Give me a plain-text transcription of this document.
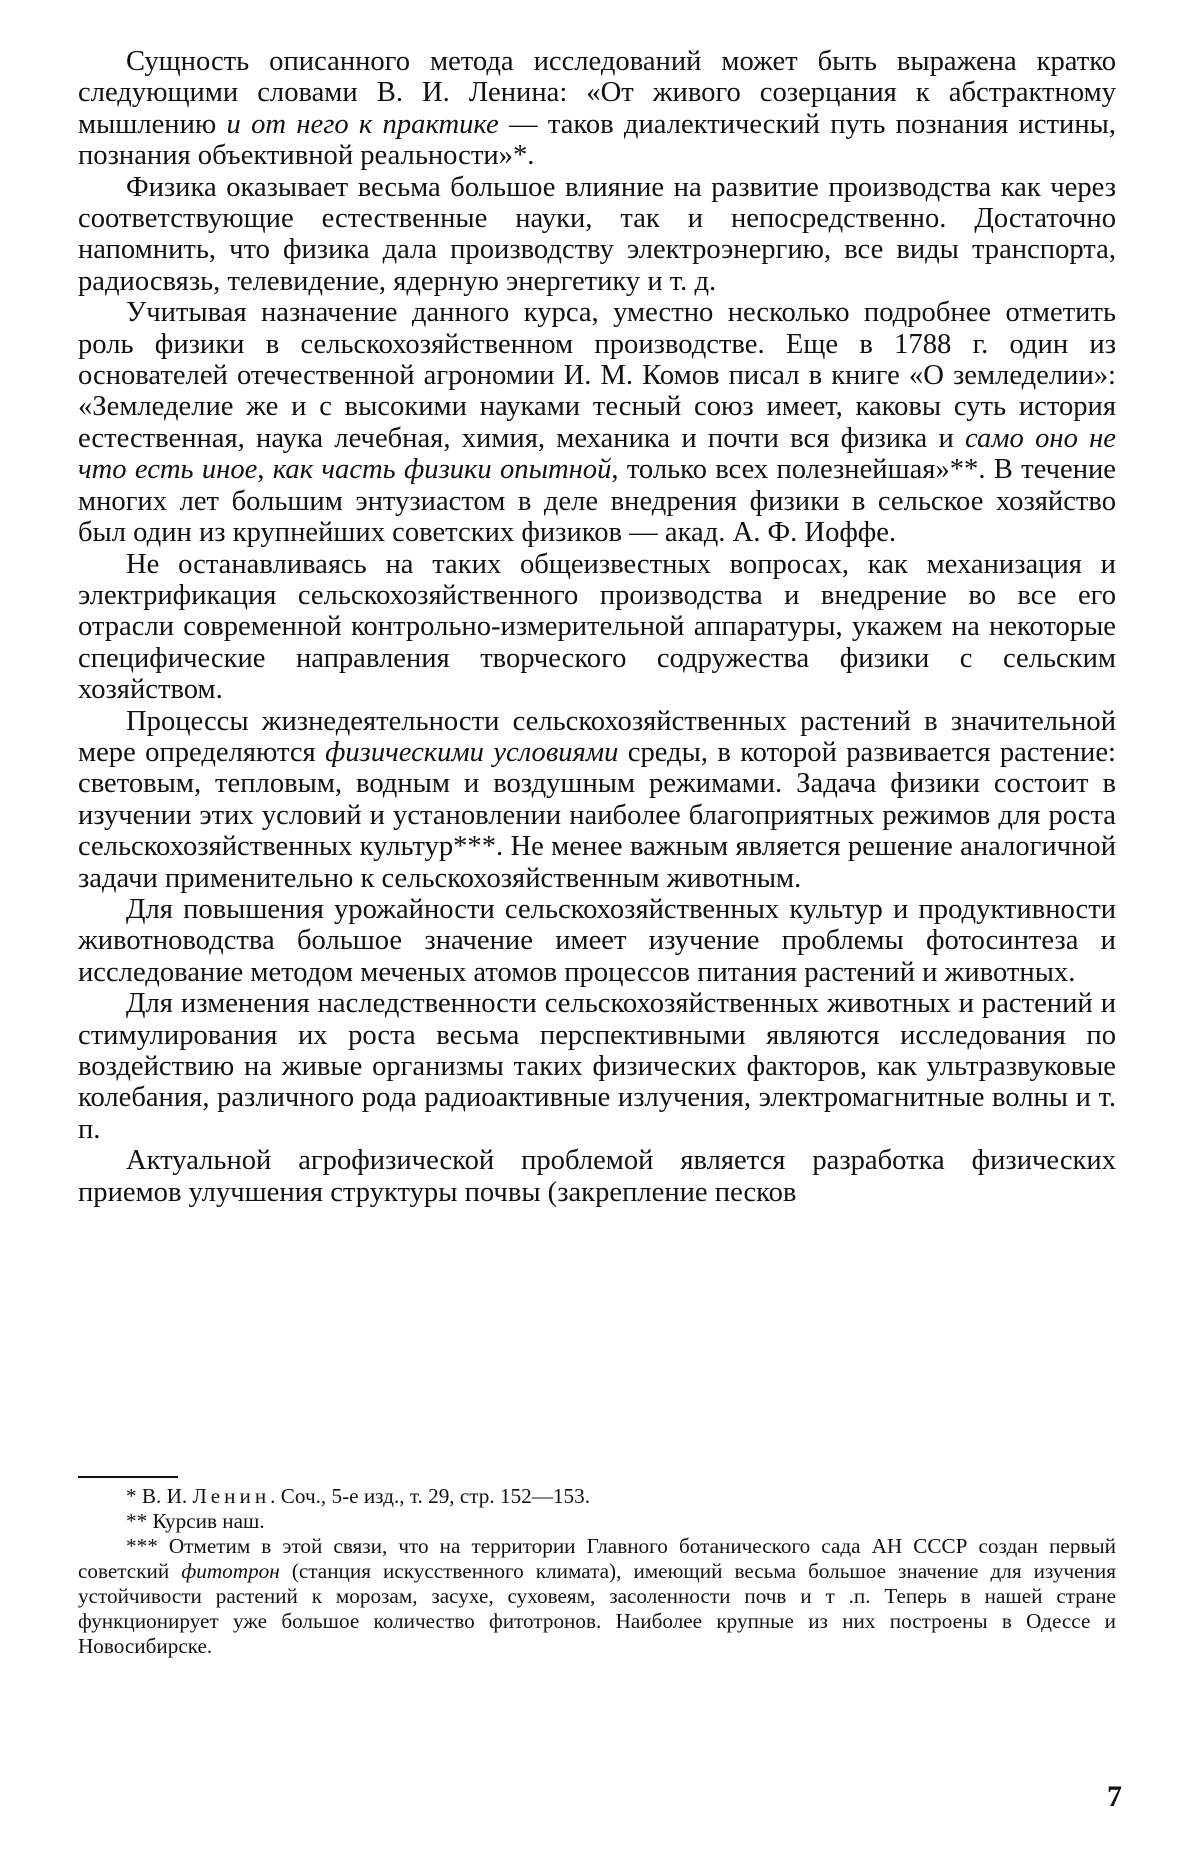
Сущность описанного метода исследований может быть выражена кратко следующими словами В. И. Ленина: «От живого созерцания к абстрактному мышлению и от него к практике — таков диалектический путь познания истины, познания объективной реальности»*.

Физика оказывает весьма большое влияние на развитие производства как через соответствующие естественные науки, так и непосредственно. Достаточно напомнить, что физика дала производству электроэнергию, все виды транспорта, радиосвязь, телевидение, ядерную энергетику и т. д.

Учитывая назначение данного курса, уместно несколько подробнее отметить роль физики в сельскохозяйственном производстве. Еще в 1788 г. один из основателей отечественной агрономии И. М. Комов писал в книге «О земледелии»: «Земледелие же и с высокими науками тесный союз имеет, каковы суть история естественная, наука лечебная, химия, механика и почти вся физика и само оно не что есть иное, как часть физики опытной, только всех полезнейшая»**. В течение многих лет большим энтузиастом в деле внедрения физики в сельское хозяйство был один из крупнейших советских физиков — акад. А. Ф. Иоффе.

Не останавливаясь на таких общеизвестных вопросах, как механизация и электрификация сельскохозяйственного производства и внедрение во все его отрасли современной контрольно-измерительной аппаратуры, укажем на некоторые специфические направления творческого содружества физики с сельским хозяйством.

Процессы жизнедеятельности сельскохозяйственных растений в значительной мере определяются физическими условиями среды, в которой развивается растение: световым, тепловым, водным и воздушным режимами. Задача физики состоит в изучении этих условий и установлении наиболее благоприятных режимов для роста сельскохозяйственных культур***. Не менее важным является решение аналогичной задачи применительно к сельскохозяйственным животным.

Для повышения урожайности сельскохозяйственных культур и продуктивности животноводства большое значение имеет изучение проблемы фотосинтеза и исследование методом меченых атомов процессов питания растений и животных.

Для изменения наследственности сельскохозяйственных животных и растений и стимулирования их роста весьма перспективными являются исследования по воздействию на живые организмы таких физических факторов, как ультразвуковые колебания, различного рода радиоактивные излучения, электромагнитные волны и т. п.

Актуальной агрофизической проблемой является разработка физических приемов улучшения структуры почвы (закрепление песков

* В. И. Ленин. Соч., 5-е изд., т. 29, стр. 152—153.

** Курсив наш.

*** Отметим в этой связи, что на территории Главного ботанического сада АН СССР создан первый советский фитотрон (станция искусственного климата), имеющий весьма большое значение для изучения устойчивости растений к морозам, засухе, суховеям, засоленности почв и т .п. Теперь в нашей стране функционирует уже большое количество фитотронов. Наиболее крупные из них построены в Одессе и Новосибирске.

7
